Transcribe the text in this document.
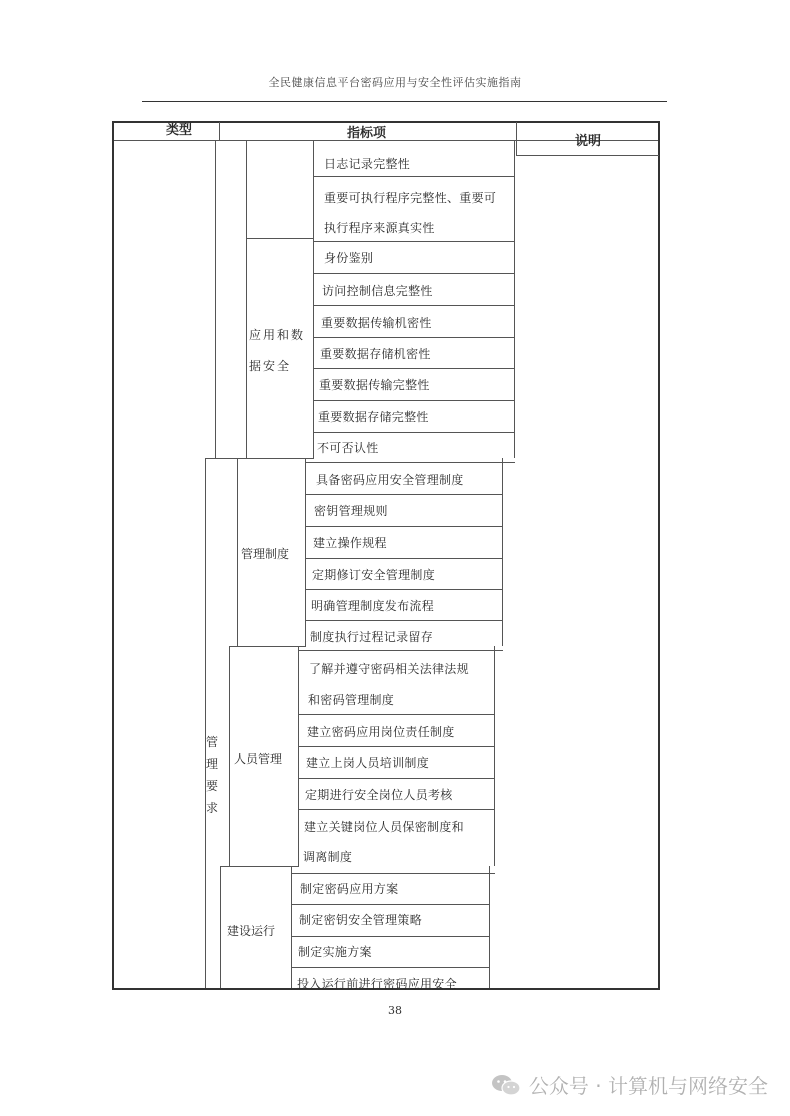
全民健康信息平台密码应用与安全性评估实施指南
类型	指标项
说明
管
理
要
求
应用和数
据安全
管理制度
人员管理
建设运行
日志记录完整性
重要可执行程序完整性、重要可
执行程序来源真实性
身份鉴别
访问控制信息完整性
重要数据传输机密性
重要数据存储机密性
重要数据传输完整性
重要数据存储完整性
不可否认性
具备密码应用安全管理制度
密钥管理规则
建立操作规程
定期修订安全管理制度
明确管理制度发布流程
制度执行过程记录留存
了解并遵守密码相关法律法规
和密码管理制度
建立密码应用岗位责任制度
建立上岗人员培训制度
定期进行安全岗位人员考核
建立关键岗位人员保密制度和
调离制度
制定密码应用方案
制定密钥安全管理策略
制定实施方案
投入运行前进行密码应用安全
38
公众号 · 计算机与网络安全
